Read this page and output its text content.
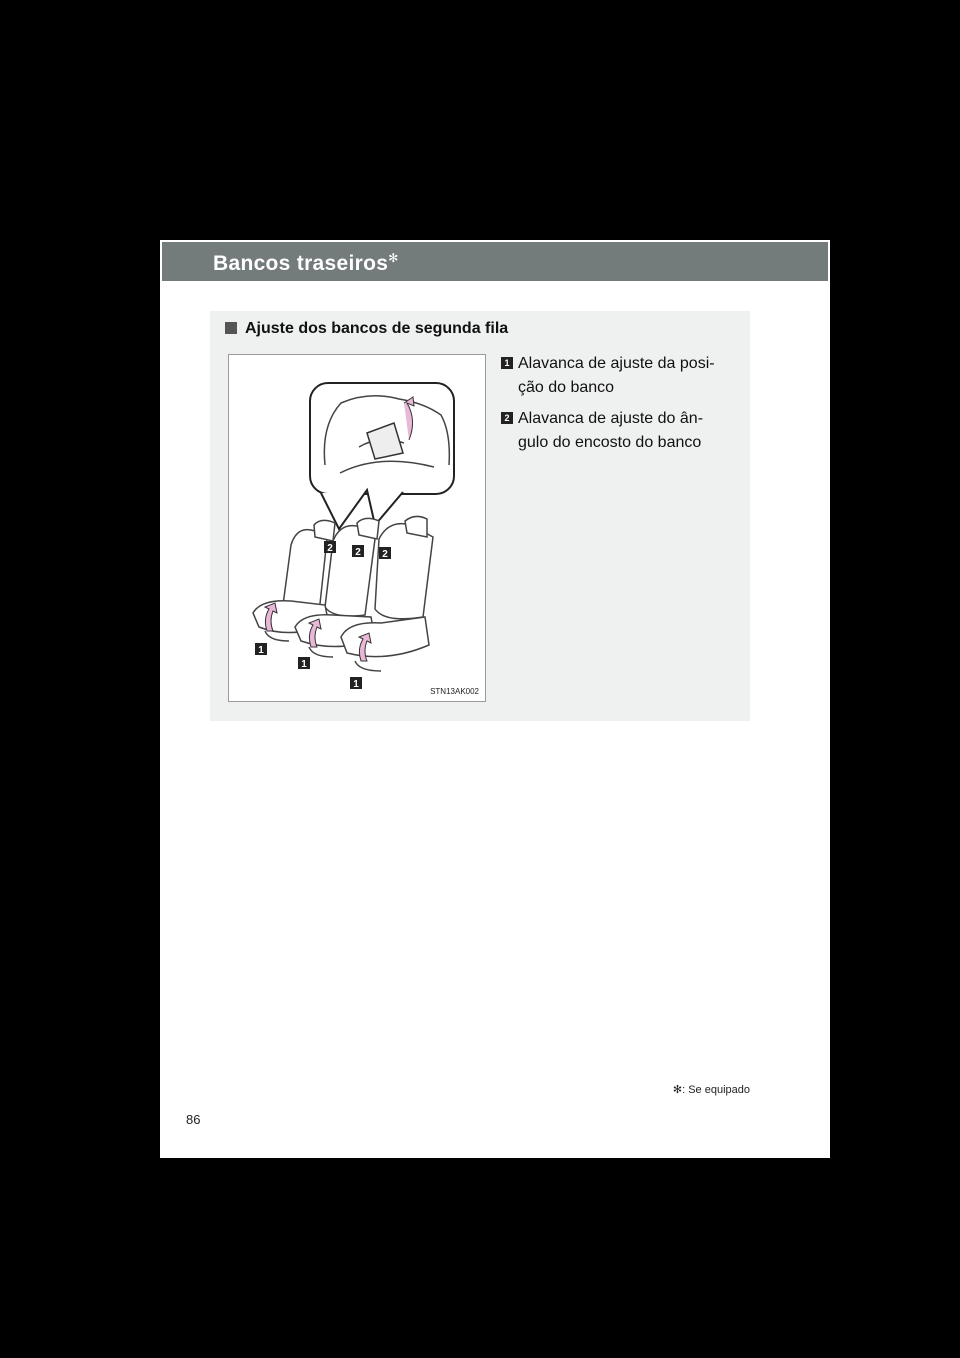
Bancos traseiros✻
Ajuste dos bancos de segunda fila
2 2 2
1
1
1
STN13AK002
1 Alavanca de ajuste da posi-
ção do banco
2 Alavanca de ajuste do ân-
gulo do encosto do banco
✻: Se equipado
86
